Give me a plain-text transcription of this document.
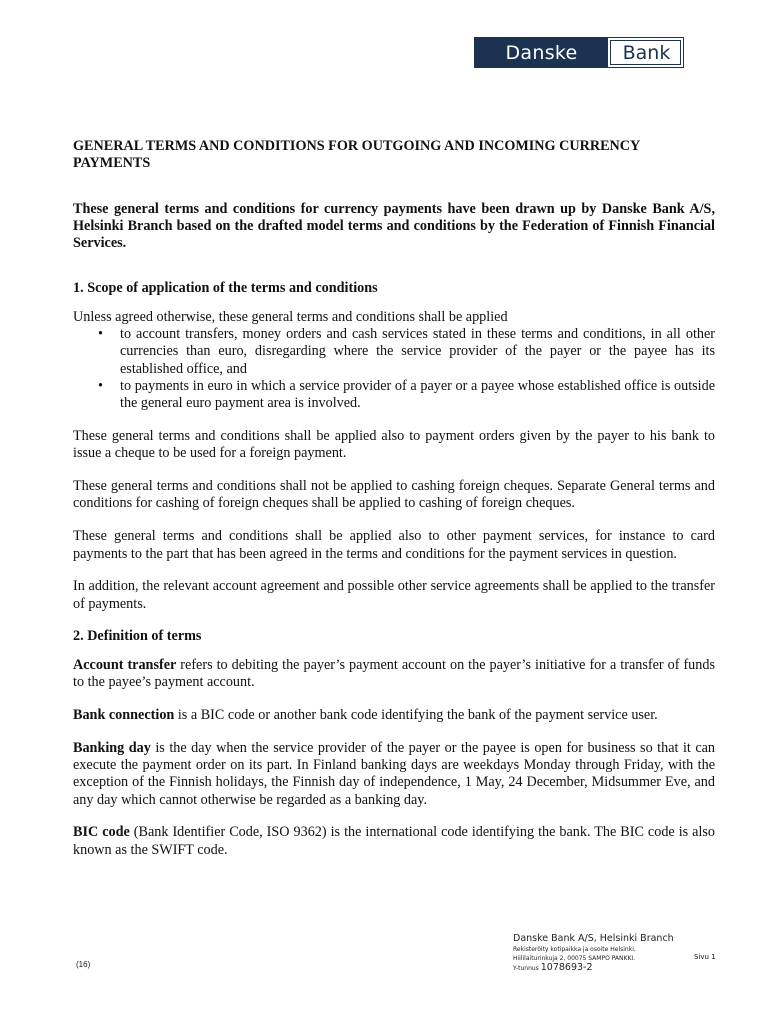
Danske	Bank
GENERAL TERMS AND CONDITIONS FOR OUTGOING AND INCOMING CURRENCY PAYMENTS
These general terms and conditions for currency payments have been drawn up by Danske Bank A/S, Helsinki Branch based on the drafted model terms and conditions by the Federation of Finnish Financial Services.
1. Scope of application of the terms and conditions

Unless agreed otherwise, these general terms and conditions shall be applied

• to account transfers, money orders and cash services stated in these terms and conditions, in all other currencies than euro, disregarding where the service provider of the payer or the payee has its established office, and
• to payments in euro in which a service provider of a payer or a payee whose established office is outside the general euro payment area is involved.

These general terms and conditions shall be applied also to payment orders given by the payer to his bank to issue a cheque to be used for a foreign payment.

These general terms and conditions shall not be applied to cashing foreign cheques. Separate General terms and conditions for cashing of foreign cheques shall be applied to cashing of foreign cheques.

These general terms and conditions shall be applied also to other payment services, for instance to card payments to the part that has been agreed in the terms and conditions for the payment services in question.

In addition, the relevant account agreement and possible other service agreements shall be applied to the transfer of payments.

2. Definition of terms

Account transfer refers to debiting the payer’s payment account on the payer’s initiative for a transfer of funds to the payee’s payment account.

Bank connection is a BIC code or another bank code identifying the bank of the payment service user.

Banking day is the day when the service provider of the payer or the payee is open for business so that it can execute the payment order on its part. In Finland banking days are weekdays Monday through Friday, with the exception of the Finnish holidays, the Finnish day of independence, 1 May, 24 December, Midsummer Eve, and any day which cannot otherwise be regarded as a banking day.

BIC code (Bank Identifier Code, ISO 9362) is the international code identifying the bank. The BIC code is also known as the SWIFT code.

(16)
Danske Bank A/S, Helsinki Branch
Rekisteröity kotipaikka ja osoite Helsinki,
Hiililaiturinkuja 2, 00075 SAMPO PANKKI.
Y-tunnus 1078693-2
Sivu 1
